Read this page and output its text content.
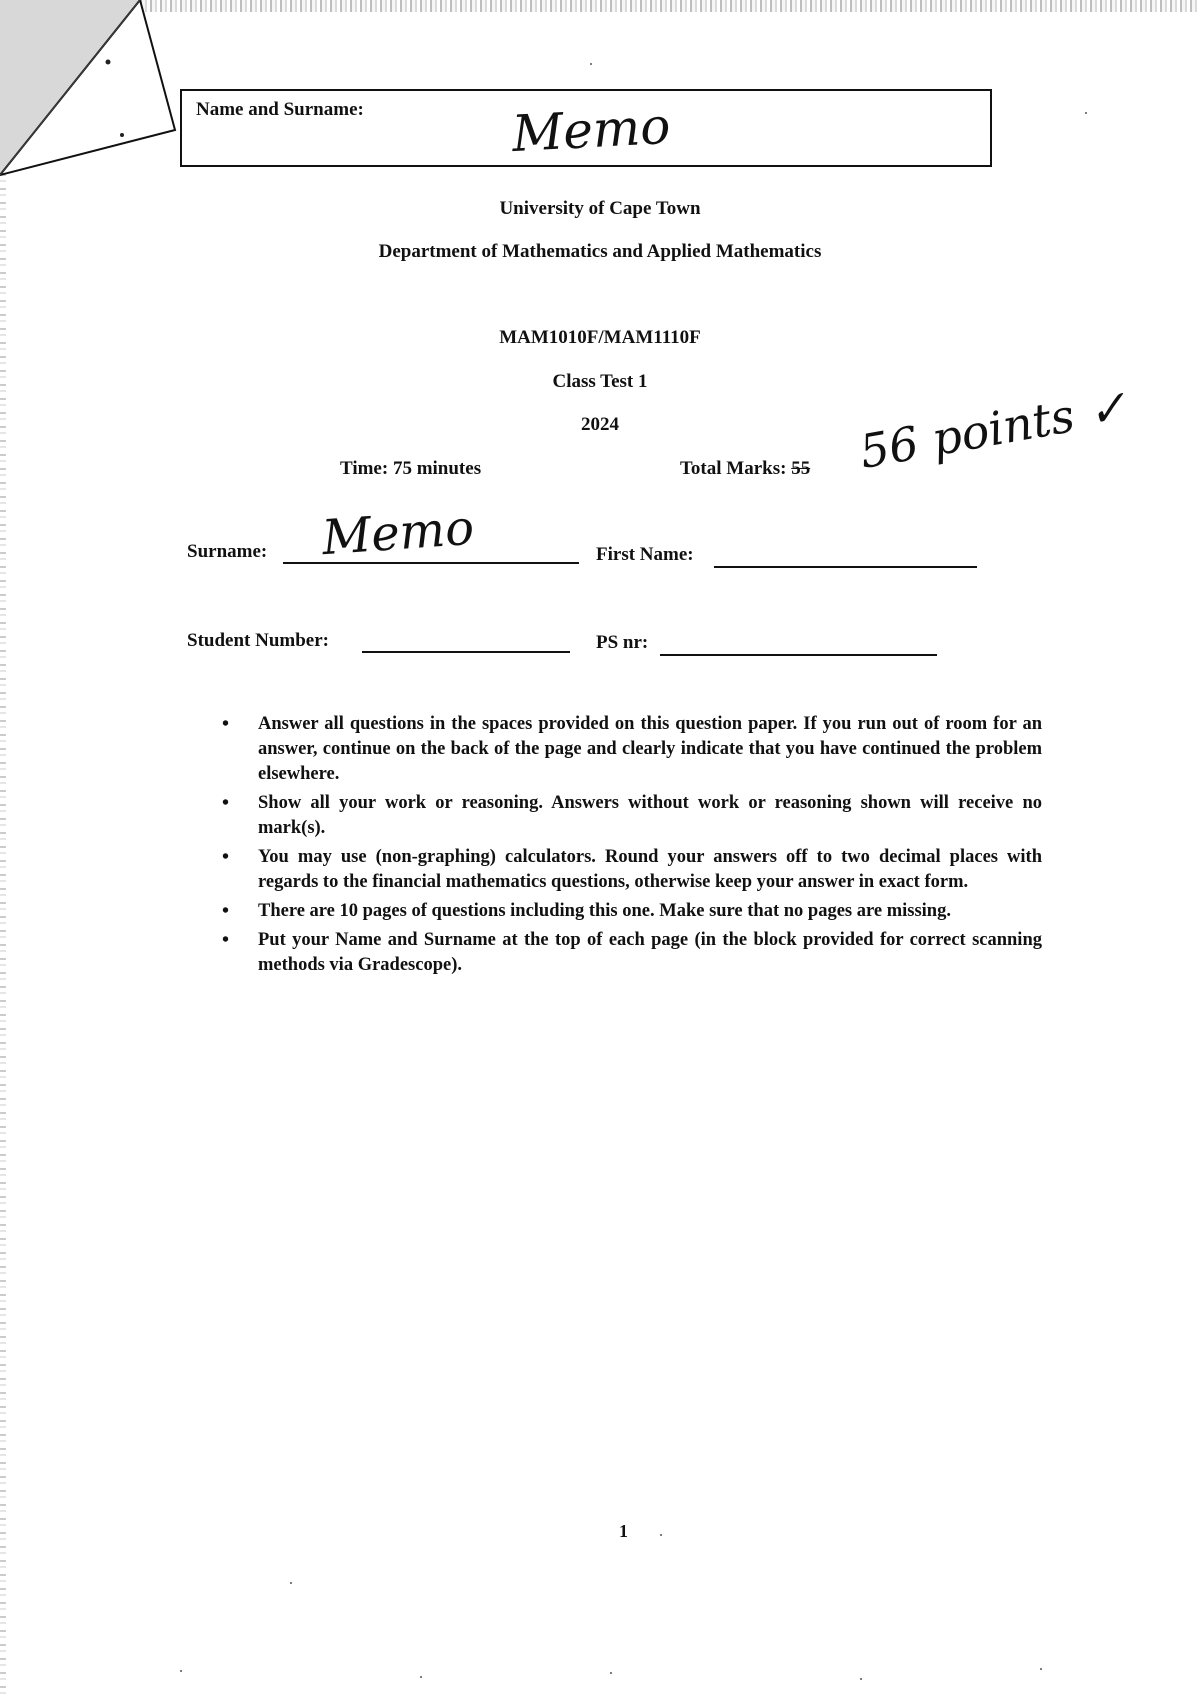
Name and Surname:	Memo
University of Cape Town
Department of Mathematics and Applied Mathematics
MAM1010F/MAM1110F
Class Test 1
2024
Time: 75 minutes	Total Marks: 55 56 points ✓
Surname: Memo	First Name:
Student Number:	PS nr:
• Answer all questions in the spaces provided on this question paper. If you run out of room for an answer, continue on the back of the page and clearly indicate that you have continued the problem elsewhere.
• Show all your work or reasoning. Answers without work or reasoning shown will receive no mark(s).
• You may use (non-graphing) calculators. Round your answers off to two decimal places with regards to the financial mathematics questions, otherwise keep your answer in exact form.
• There are 10 pages of questions including this one. Make sure that no pages are missing.
• Put your Name and Surname at the top of each page (in the block provided for correct scanning methods via Gradescope).
1
